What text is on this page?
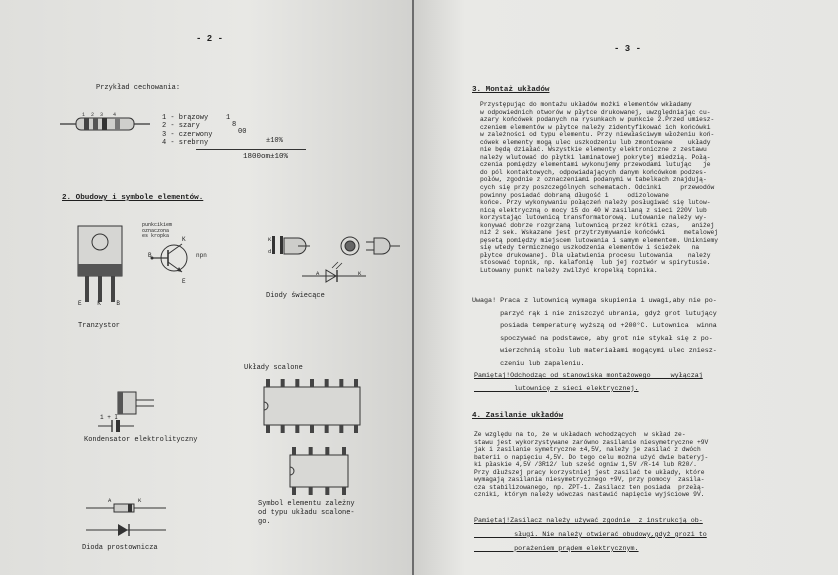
- 2 -
Przykład cechowania:
1 2 3 4	1 - brązowy
2 - szary
3 - czerwony
4 - srebrny
1
8
00
±10%
1800om±10%
2. Obudowy i symbole elementów.
E K B
punkcikiem
oznaczona
es kropka
B
K
E
npn
Tranzystor
K
d
A	K
Diody świecące
Układy scalone
Symbol elementu zależny
od typu układu scalone-
go.
1 + I
Kondensator elektrolityczny
A	K
Dioda prostownicza
- 3 -
3. Montaż układów
Przystępując do montażu układów możki elementów wkładamy
w odpowiednich otworów w płytce drukowanej, uwzględniając cu-
azary końcówek podanych na rysunkach w punkcie 2.Przed umiesz-
czeniem elementów w płytce należy zidentyfikować ich końcówki
w zależności od typu elementu. Przy niewłaściwym włożeniu koń-
cówek elementy mogą ulec uszkodzeniu lub zmontowane    układy
nie będą działać. Wszystkie elementy elektroniczne z zestawu
należy wlutować do płytki laminatowej pokrytej miedzią. Połą-
czenia pomiędzy elementami wykonujemy przewodami lutując   je
do pól kontaktowych, odpowiadających danym końcówkom podzes-
połów, zgodnie z oznaczeniami podanymi w tabelkach znajdują-
cych się przy poszczególnych schematach. Odcinki     przewodów
powinny posiadać dobraną długość i     odizolowane
końce. Przy wykonywaniu połączeń należy posługiwać się lutow-
nicą elektryczną o mocy 15 do 40 W zasilaną z sieci 220V lub
korzystając lutownicą transformatorową. Lutowanie należy wy-
konywać dobrze rozgrzaną lutownicą przez krótki czas,   aniżej
niż 2 sek. Wskazane jest przytrzymywanie końcówki     metalowej
pęsetą pomiędzy miejscem lutowania i samym elementem. Unikniemy
się wtedy termicznego uszkodzenia elementów i ścieżek   na
płytce drukowanej. Dla ułatwienia procesu lutowania    należy
stosować topnik, np. kalafonię  lub jej roztwór w spirytusie.
Lutowany punkt należy zwilżyć kropelką topnika.
Uwaga! Praca z lutownicą wymaga skupienia i uwagi,aby nie po-
parzyć rąk i nie zniszczyć ubrania, gdyż grot lutujący
posiada temperaturę wyższą od +200°C. Lutownica  winna
spoczywać na podstawce, aby grot nie stykał się z po-
wierzchnią stołu lub materiałami mogącymi ulec zniesz-
czeniu lub zapaleniu.
Pamiętaj!Odchodząc od stanowiska montażowego     wyłączaj
lutownicę z sieci elektrycznej.
4. Zasilanie układów
Ze względu na to, że w układach wchodzących  w skład ze-
stawu jest wykorzystywane zarówno zasilanie niesymetryczne +9V
jak i zasilanie symetryczne ±4,5V, należy je zasilać z dwóch
baterii o napięciu 4,5V. Do tego celu można użyć dwie bateryj-
ki płaskie 4,5V /3R12/ lub sześć ogniw 1,5V /R-14 lub R20/.
Przy dłuższej pracy korzystniej jest zasilać te układy, które
wymagają zasilania niesymetrycznego +9V, przy pomocy  zasila-
cza stabilizowanego, np. ZPT-1. Zasilacz ten posiada  przełą-
czniki, którym należy wówczas nastawić napięcie wyjściowe 9V.
Pamiętaj!Zasilacz należy używać zgodnie  z instrukcją ob-
sługi. Nie należy otwierać obudowy,gdyż grozi to
porażeniem prądem elektrycznym.
